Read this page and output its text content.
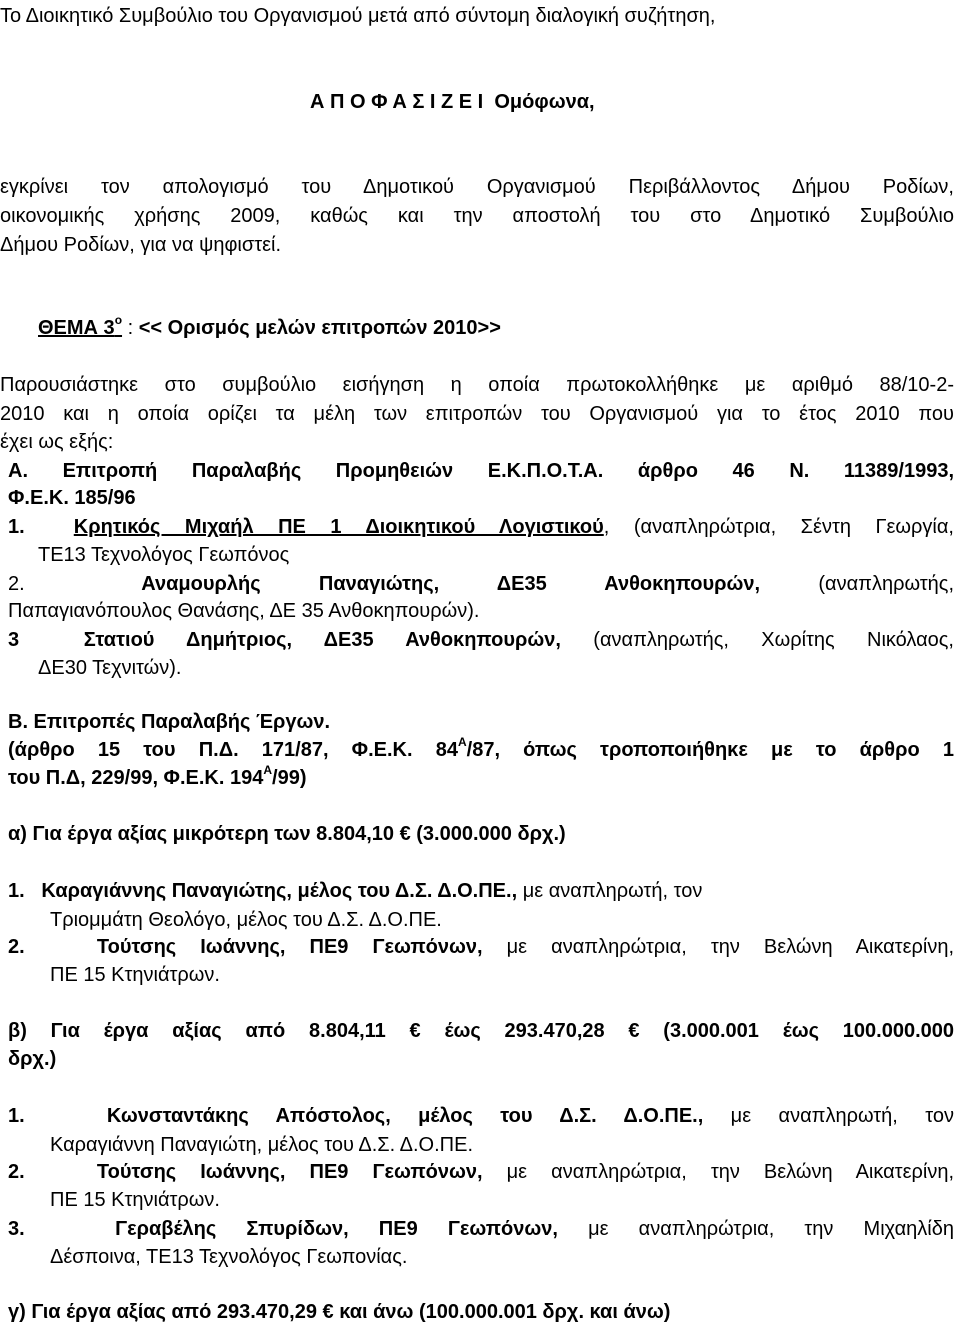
Το Διοικητικό Συμβούλιο του Οργανισμού μετά από σύντομη διαλογική συζήτηση,
Α Π Ο Φ Α Σ Ι Ζ Ε Ι Ομόφωνα,
εγκρίνει τον απολογισμό του Δημοτικού Οργανισμού Περιβάλλοντος Δήμου Ροδίων,
οικονομικής χρήσης 2009, καθώς και την αποστολή του στο Δημοτικό Συμβούλιο
Δήμου Ροδίων, για να ψηφιστεί.
ΘΕΜΑ $3^o$ : << Ορισμός μελών επιτροπών 2010>>
Παρουσιάστηκε στο συμβούλιο εισήγηση η οποία πρωτοκολλήθηκε με αριθμό 88/10-2-
2010 και η οποία ορίζει τα μέλη των επιτροπών του Οργανισμού για το έτος 2010 που
έχει ως εξής:
Α. Επιτροπή Παραλαβής Προμηθειών Ε.Κ.Π.Ο.Τ.Α. άρθρο 46 Ν. 11389/1993,
Φ.Ε.Κ. 185/96
1. Κρητικός Μιχαήλ ΠΕ 1 Διοικητικού Λογιστικού, (αναπληρώτρια, Σέντη Γεωργία,
ΤΕ13 Τεχνολόγος Γεωπόνος
2.	Αναμουρλής Παναγιώτης, ΔΕ35 Ανθοκηπουρών, (αναπληρωτής,
Παπαγιανόπουλος Θανάσης, ΔΕ 35 Ανθοκηπουρών).
3	Στατιού Δημήτριος, ΔΕ35 Ανθοκηπουρών, (αναπληρωτής, Χωρίτης Νικόλαος,
ΔΕ30 Τεχνιτών).
Β. Επιτροπές Παραλαβής Έργων.
(άρθρο 15 του Π.Δ. 171/87, Φ.Ε.Κ. $84^A/87$, όπως τροποποιήθηκε με το άρθρο 1
του Π.Δ, 229/99, Φ.Ε.Κ. $194^A/99$)
α) Για έργα αξίας μικρότερη των 8.804,10 € (3.000.000 δρχ.)
1. Καραγιάννης Παναγιώτης, μέλος του Δ.Σ. Δ.Ο.ΠΕ., με αναπληρωτή, τον
Τριομμάτη Θεολόγο, μέλος του Δ.Σ. Δ.Ο.ΠΕ.
2.	Τούτσης Ιωάννης, ΠΕ9 Γεωπόνων, με αναπληρώτρια, την Βελώνη Αικατερίνη,
ΠΕ 15 Κτηνιάτρων.
β) Για έργα αξίας από 8.804,11 € έως 293.470,28 € (3.000.001 έως 100.000.000
δρχ.)
1.	Κωνσταντάκης Απόστολος, μέλος του Δ.Σ. Δ.Ο.ΠΕ., με αναπληρωτή, τον
Καραγιάννη Παναγιώτη, μέλος του Δ.Σ. Δ.Ο.ΠΕ.
2.	Τούτσης Ιωάννης, ΠΕ9 Γεωπόνων, με αναπληρώτρια, την Βελώνη Αικατερίνη,
ΠΕ 15 Κτηνιάτρων.
3.	Γεραβέλης Σπυρίδων, ΠΕ9 Γεωπόνων, με αναπληρώτρια, την Μιχαηλίδη
Δέσποινα, ΤΕ13 Τεχνολόγος Γεωπονίας.
γ) Για έργα αξίας από 293.470,29 € και άνω (100.000.001 δρχ. και άνω)
